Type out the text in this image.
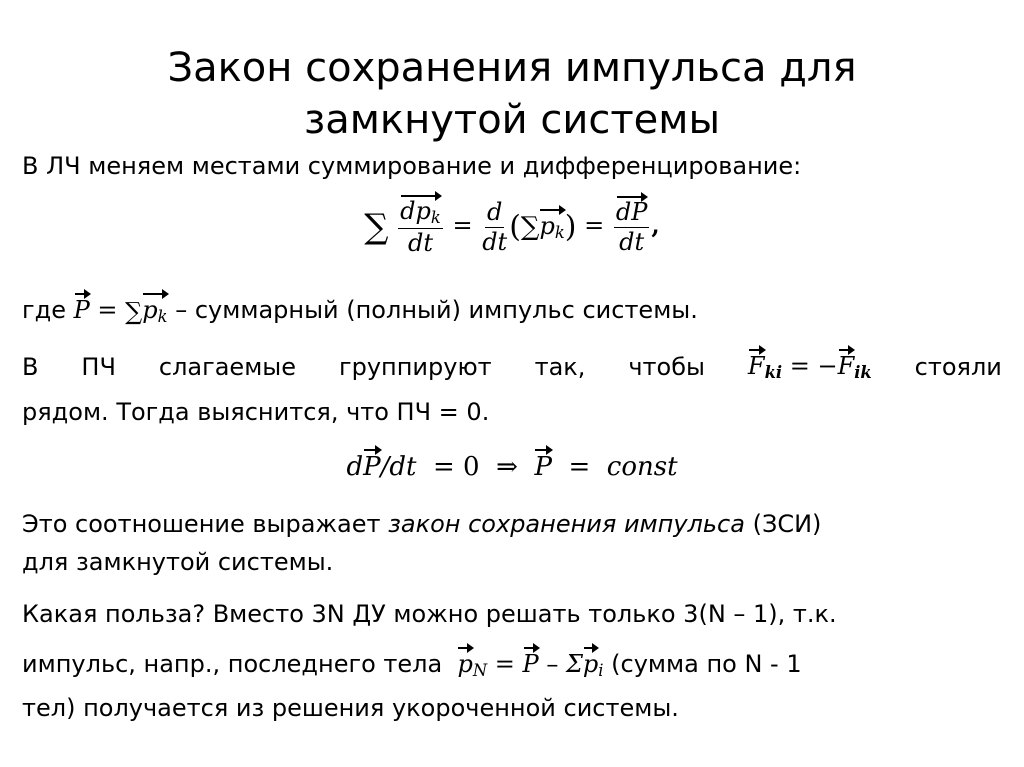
Закон сохранения импульса для
замкнутой системы
В ЛЧ меняем местами суммирование и дифференцирование:
∑ $\frac{dp_k}{dt} = \frac{d}{dt} (\sum p_k) = \frac{dP}{dt}$ ,
где $P = \sum p_k$ – суммарный (полный) импульс системы.
В ПЧ слагаемые группируют так, чтобы $F_{ki} = -F_{ik}$ стояли
рядом. Тогда выяснится, что ПЧ = 0.
dP/dt = 0 ⇒ P = const
Это соотношение выражает закон сохранения импульса (ЗСИ)
для замкнутой системы.
Какая польза? Вместо 3N ДУ можно решать только 3(N – 1), т.к.
импульс, напр., последнего тела $p_N = P - \Sigma p_i$ (сумма по N - 1
тел) получается из решения укороченной системы.
